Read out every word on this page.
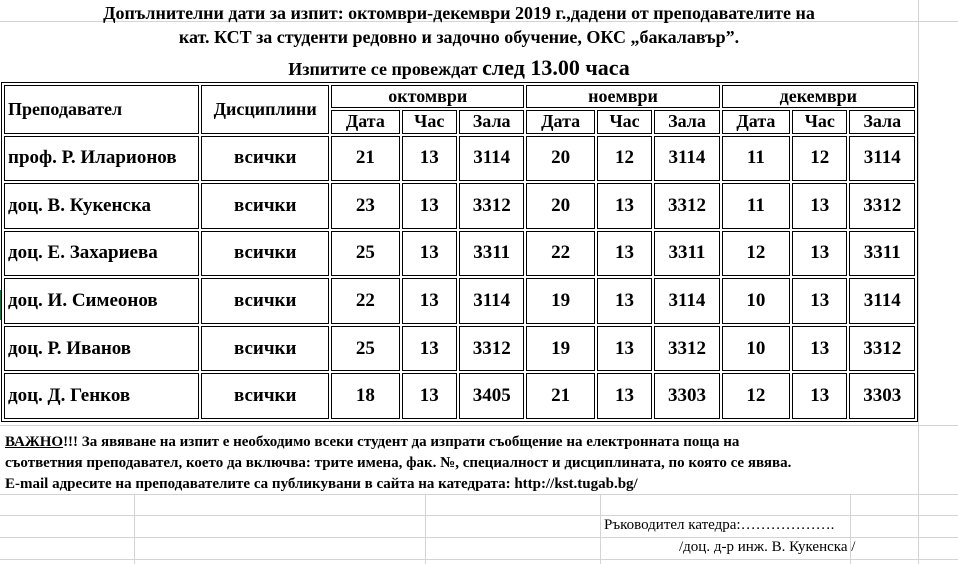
Допълнителни дати за изпит: октомври-декември 2019 г.,дадени от преподавателите на
кат. КСТ за студенти редовно и задочно обучение, ОКС „бакалавър”.
Изпитите се провеждат след 13.00 часа
Преподавател	Дисциплини	октомври			ноември			декември		
		Дата	Час	Зала	Дата	Час	Зала	Дата	Час	Зала
проф. Р. Иларионов	всички	21	13	3114	20	12	3114	11	12	3114
доц. В. Кукенска	всички	23	13	3312	20	13	3312	11	13	3312
доц. Е. Захариева	всички	25	13	3311	22	13	3311	12	13	3311
доц. И. Симеонов	всички	22	13	3114	19	13	3114	10	13	3114
доц. Р. Иванов	всички	25	13	3312	19	13	3312	10	13	3312
доц. Д. Генков	всички	18	13	3405	21	13	3303	12	13	3303
ВАЖНО!!! За явяване на изпит е необходимо всеки студент да изпрати съобщение на електронната поща на
съответния преподавател, което да включва: трите имена, фак. №, специалност и дисциплината, по която се явява.
E-mail адресите на преподавателите са публикувани в сайта на катедрата: http://kst.tugab.bg/
Ръководител катедра:……………….
/доц. д-р инж. В. Кукенска /
